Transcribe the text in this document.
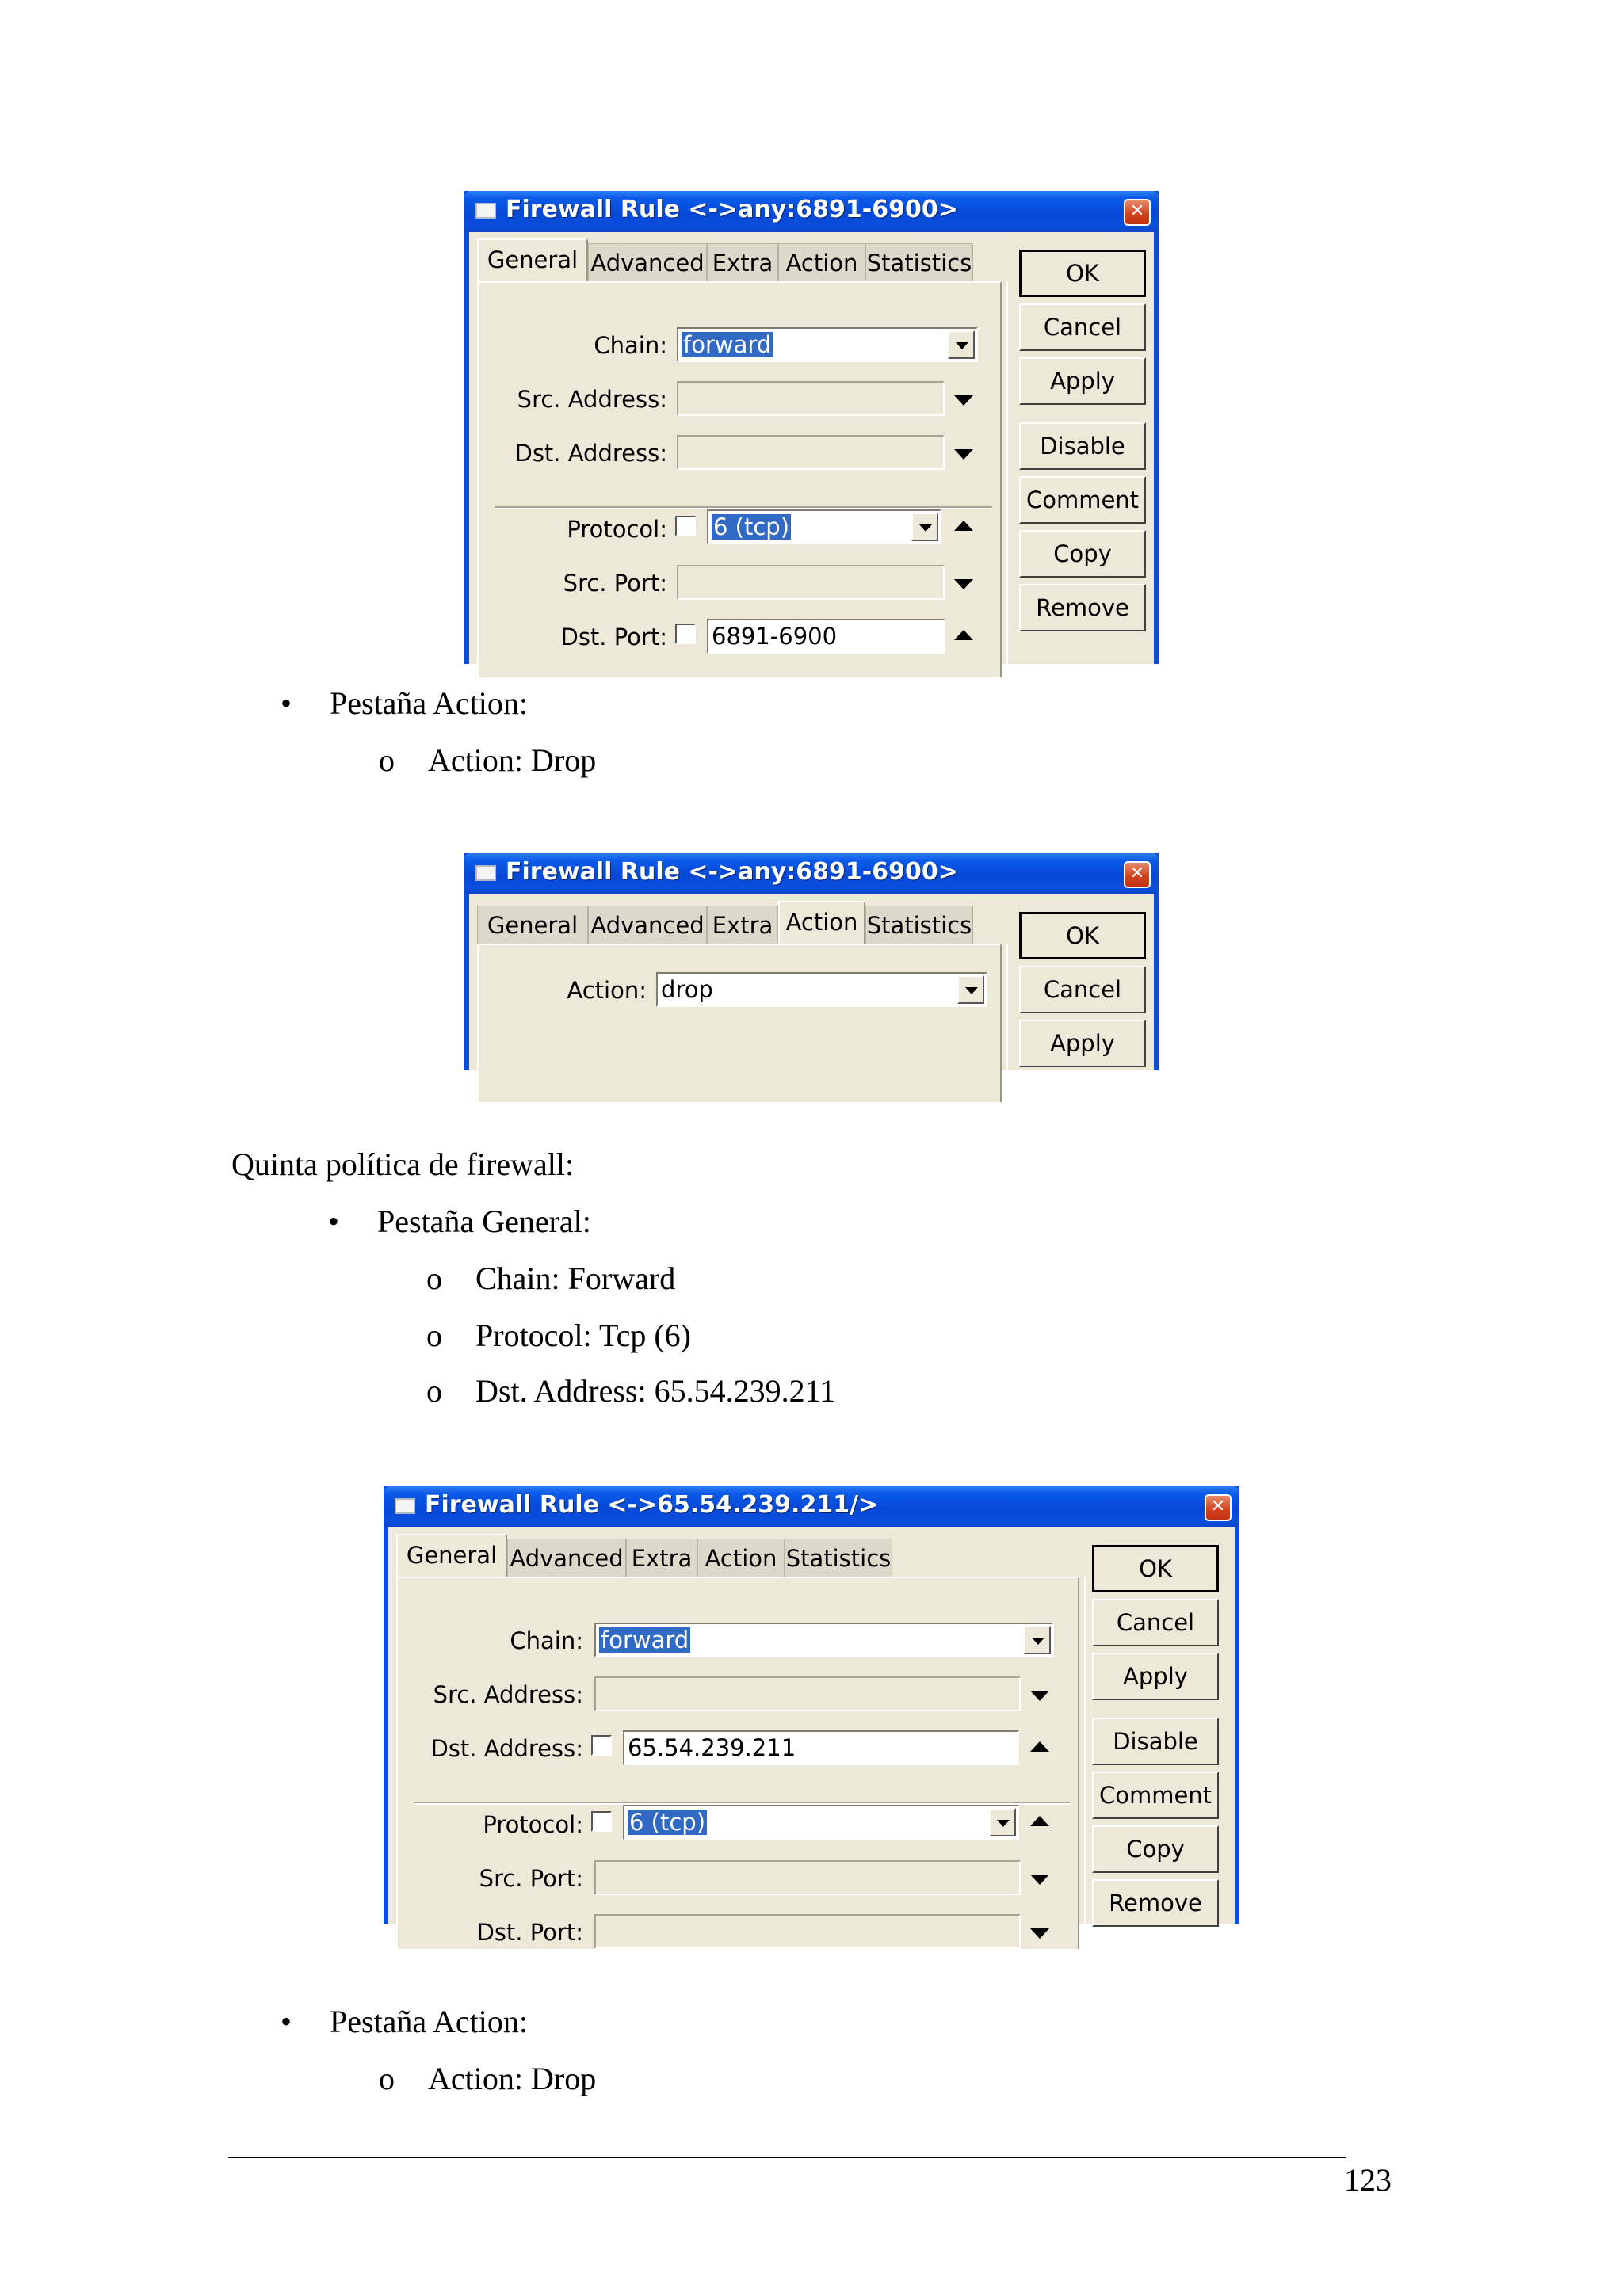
Firewall Rule <->any:6891-6900>	✕
General Advanced Extra Action Statistics
Chain: forward
Src. Address:
Dst. Address:
Protocol: 6 (tcp)
Src. Port:
Dst. Port: 6891-6900
OK
Cancel
Apply
Disable
Comment
Copy
Remove
• Pestaña Action:
o Action: Drop
Firewall Rule <->any:6891-6900>	✕
General Advanced Extra Action Statistics
Action: drop
OK
Cancel
Apply
Quinta política de firewall:
• Pestaña General:
o Chain: Forward
o Protocol: Tcp (6)
o Dst. Address: 65.54.239.211
Firewall Rule <->65.54.239.211/>	✕
General Advanced Extra Action Statistics
Chain: forward
Src. Address:
Dst. Address: 65.54.239.211
Protocol: 6 (tcp)
Src. Port:
Dst. Port:
OK
Cancel
Apply
Disable
Comment
Copy
Remove
• Pestaña Action:
o Action: Drop
123
